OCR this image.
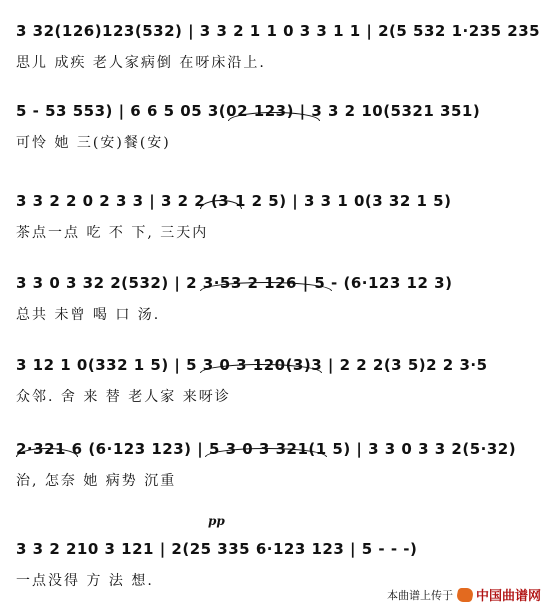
3 32(126)123(532) | 3 3 2 1 1 0 3 3 1 1 | 2(5 532 1·235 235
思儿 成疾 老人家病倒 在呀床沿上.
5 - 53 553) | 6 6 5 05 3(02 123) | 3 3 2 10(5321 351)
可怜 她 三(安)餐(安)
3 3 2 2 0 2 3 3 | 3 2 2 (3 1 2 5) | 3 3 1 0(3 32 1 5)
茶点一点 吃 不 下, 三天内
3 3 0 3 32 2(532) | 2 3·53 2 126 | 5 - (6·123 12 3)
总共 未曾 喝 口 汤.
3 12 1 0(332 1 5) | 5 3 0 3 120(3)3 | 2 2 2(3 5)2 2 3·5
众邻. 舍 来 替 老人家 来呀诊
2·321 6 (6·123 123) | 5 3 0 3 321(1 5) | 3 3 0 3 3 2(5·32)
治, 怎奈 她 病势 沉重
pp
3 3 2 210 3 121 | 2(25 335 6·123 123 | 5 - - -)
一点没得 方 法 想.
本曲谱上传于 中国曲谱网
